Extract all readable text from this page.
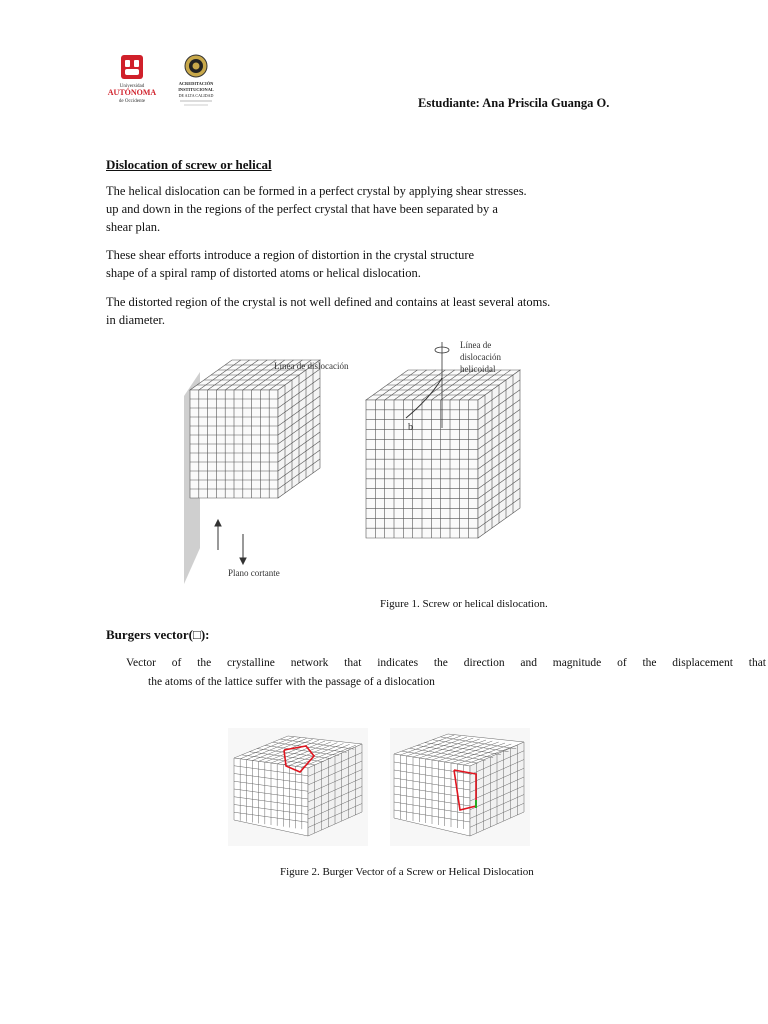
Universidad
AUTÓNOMA
de Occidente
ACREDITACIÓN
INSTITUCIONAL
DE ALTA CALIDAD
Estudiante: Ana Priscila Guanga O.
Dislocation of screw or helical
The helical dislocation can be formed in a perfect crystal by applying shear stresses.
up and down in the regions of the perfect crystal that have been separated by a
shear plan.
These shear efforts introduce a region of distortion in the crystal structure
shape of a spiral ramp of distorted atoms or helical dislocation.
The distorted region of the crystal is not well defined and contains at least several atoms.
in diameter.
Línea de dislocación
Plano cortante
b
Línea de
dislocación
helicoidal
Figure 1. Screw or helical dislocation.
Burgers vector(□): ⃗
Vector of the crystalline network that indicates the direction and magnitude of the displacement that
the atoms of the lattice suffer with the passage of a dislocation
Figure 2. Burger Vector of a Screw or Helical Dislocation
